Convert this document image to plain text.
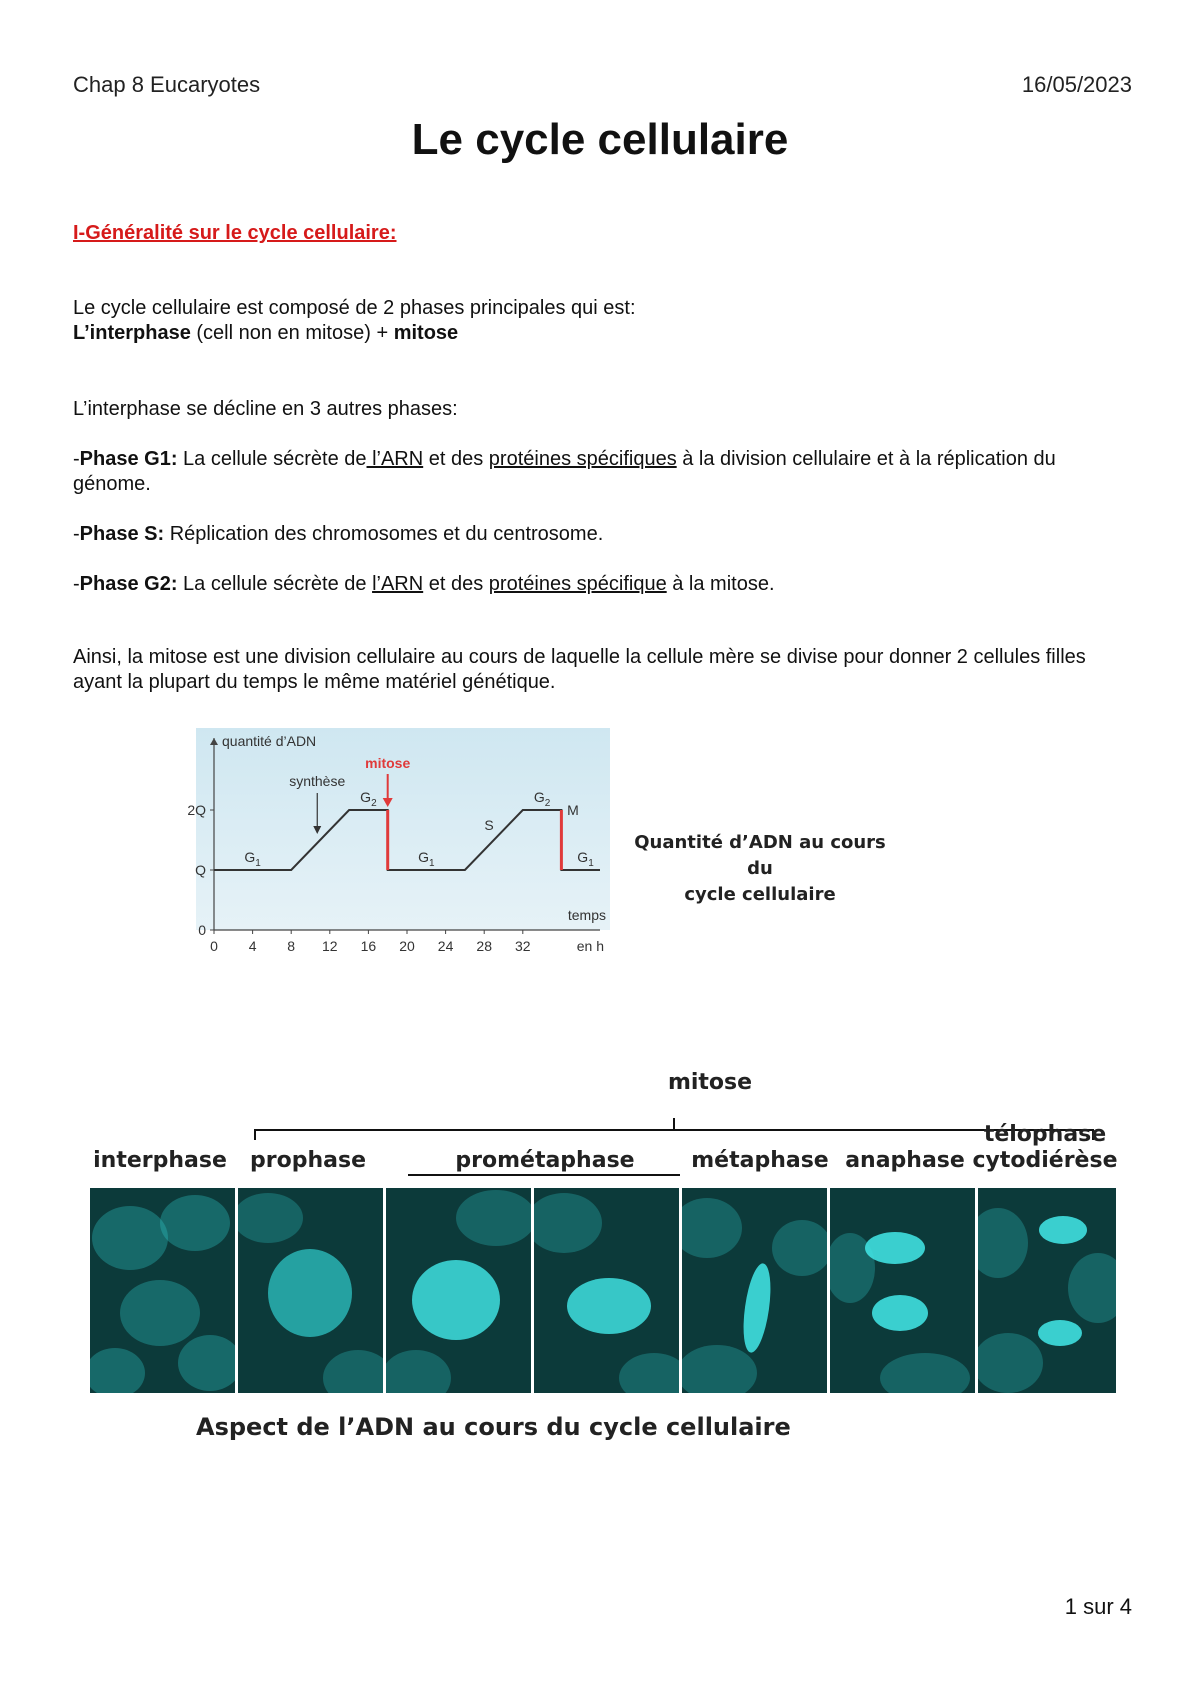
Chap 8 Eucaryotes	16/05/2023
Le cycle cellulaire
I-Généralité sur le cycle cellulaire:
Le cycle cellulaire est composé de 2 phases principales qui est:
L’interphase (cell non en mitose) + mitose
L’interphase se décline en 3 autres phases:
-Phase G1: La cellule sécrète de l’ARN et des protéines spécifiques à la division cellulaire et à la réplication du génome.
-Phase S: Réplication des chromosomes et du centrosome.
-Phase G2: La cellule sécrète de l’ARN et des protéines spécifique à la mitose.
Ainsi, la mitose est une division cellulaire au cours de laquelle la cellule mère se divise pour donner 2 cellules filles ayant la plupart du temps le même matériel génétique.
quantité d’ADN
temps
0 4 8 12 16 20 24 28 32	en h
0
Q
2Q
$G_1$	$G_1$	$G_1$
$G_2$	$G_2$
S
M
synthèse
mitose
Quantité d’ADN au cours du
cycle cellulaire
mitose
interphase	prophase	prométaphase	métaphase anaphase
télophase
cytodiérèse
Aspect de l’ADN au cours du cycle cellulaire
1 sur 4
